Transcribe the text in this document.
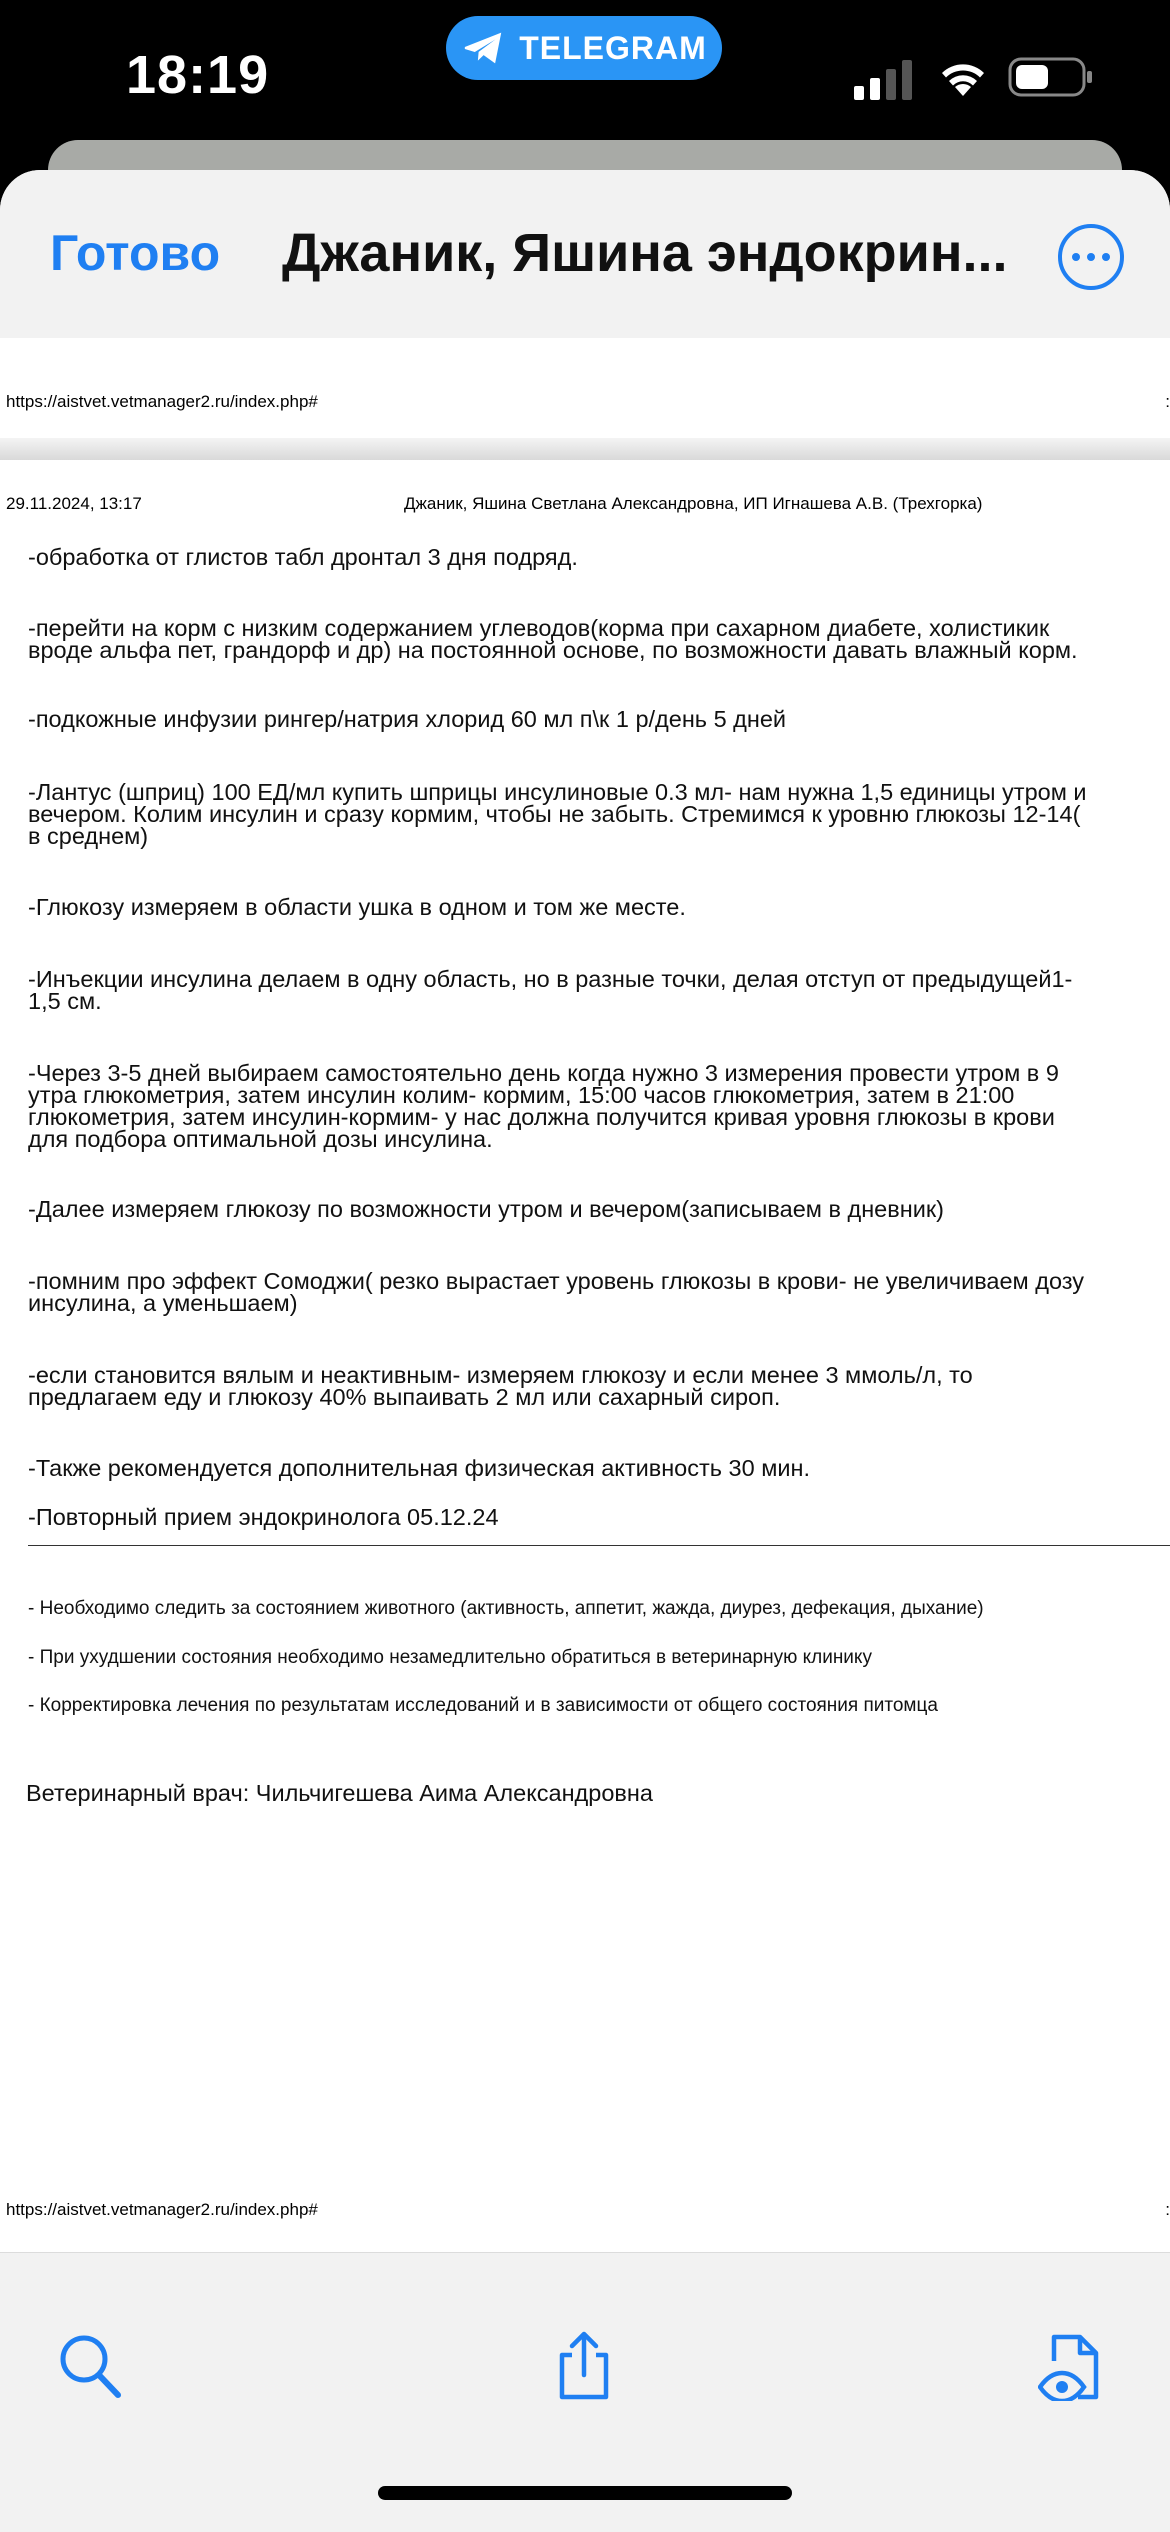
18:19	TELEGRAM
Готово Джаник, Яшина эндокрин...
https://aistvet.vetmanager2.ru/index.php#	:
29.11.2024, 13:17	Джаник, Яшина Светлана Александровна, ИП Игнашева А.В. (Трехгорка)
-обработка от глистов табл дронтал 3 дня подряд.
-перейти на корм с низким содержанием углеводов(корма при сахарном диабете, холистикик
вроде альфа пет, грандорф и др) на постоянной основе, по возможности давать влажный корм.
-подкожные инфузии рингер/натрия хлорид 60 мл п\к 1 р/день 5 дней
-Лантус (шприц) 100 ЕД/мл купить шприцы инсулиновые 0.3 мл- нам нужна 1,5 единицы утром и
вечером. Колим инсулин и сразу кормим, чтобы не забыть. Стремимся к уровню глюкозы 12-14(
в среднем)
-Глюкозу измеряем в области ушка в одном и том же месте.
-Инъекции инсулина делаем в одну область, но в разные точки, делая отступ от предыдущей1-
1,5 см.
-Через 3-5 дней выбираем самостоятельно день когда нужно 3 измерения провести утром в 9
утра глюкометрия, затем инсулин колим- кормим, 15:00 часов глюкометрия, затем в 21:00
глюкометрия, затем инсулин-кормим- у нас должна получится кривая уровня глюкозы в крови
для подбора оптимальной дозы инсулина.
-Далее измеряем глюкозу по возможности утром и вечером(записываем в дневник)
-помним про эффект Сомоджи( резко вырастает уровень глюкозы в крови- не увеличиваем дозу
инсулина, а уменьшаем)
-если становится вялым и неактивным- измеряем глюкозу и если менее 3 ммоль/л, то
предлагаем еду и глюкозу 40% выпаивать 2 мл или сахарный сироп.
-Также рекомендуется дополнительная физическая активность 30 мин.
-Повторный прием эндокринолога 05.12.24
- Необходимо следить за состоянием животного (активность, аппетит, жажда, диурез, дефекация, дыхание)
- При ухудшении состояния необходимо незамедлительно обратиться в ветеринарную клинику
- Корректировка лечения по результатам исследований и в зависимости от общего состояния питомца
Ветеринарный врач: Чильчигешева Аима Александровна
https://aistvet.vetmanager2.ru/index.php#	:
